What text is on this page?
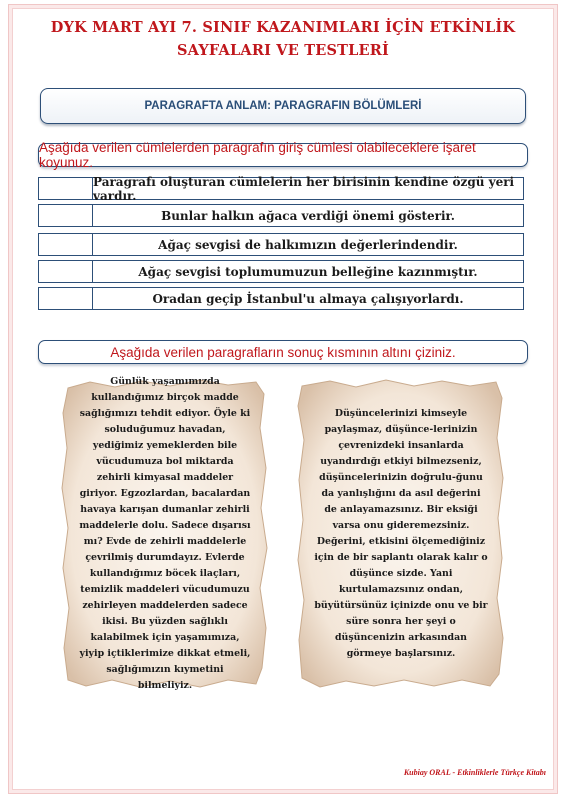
DYK MART AYI 7. SINIF KAZANIMLARI İÇİN ETKİNLİK SAYFALARI VE TESTLERİ
PARAGRAFTA ANLAM: PARAGRAFIN BÖLÜMLERİ
Aşağıda verilen cümlelerden paragrafın giriş cümlesi olabileceklere işaret koyunuz.
Paragrafı oluşturan cümlelerin her birisinin kendine özgü yeri vardır.
Bunlar halkın ağaca verdiği önemi gösterir.
Ağaç sevgisi de halkımızın değerlerindendir.
Ağaç sevgisi toplumumuzun belleğine kazınmıştır.
Oradan geçip İstanbul'u almaya çalışıyorlardı.
Aşağıda verilen paragrafların sonuç kısmının altını çiziniz.
Günlük yaşamımızda kullandığımız birçok madde sağlığımızı tehdit ediyor. Öyle ki soluduğumuz havadan, yediğimiz yemeklerden bile vücudumuza bol miktarda zehirli kimyasal maddeler giriyor. Egzozlardan, bacalardan havaya karışan dumanlar zehirli maddelerle dolu. Sadece dışarısı mı? Evde de zehirli maddelerle çevrilmiş durumdayız. Evlerde kullandığımız böcek ilaçları, temizlik maddeleri vücudumuzu zehirleyen maddelerden sadece ikisi. Bu yüzden sağlıklı kalabilmek için yaşamımıza, yiyip içtiklerimize dikkat etmeli, sağlığımızın kıymetini bilmeliyiz.
Düşüncelerinizi kimseyle paylaşmaz, düşünce-lerinizin çevrenizdeki insanlarda uyandırdığı etkiyi bilmezseniz, düşüncelerinizin doğrulu-ğunu da yanlışlığını da asıl değerini de anlayamazsınız. Bir eksiği varsa onu gideremezsiniz. Değerini, etkisini ölçemediğiniz için de bir saplantı olarak kalır o düşünce sizde. Yani kurtulamazsınız ondan, büyütürsünüz içinizde onu ve bir süre sonra her şeyi o düşüncenizin arkasından görmeye başlarsınız.
Kubiay ORAL - Etkinliklerle Türkçe Kitabı
